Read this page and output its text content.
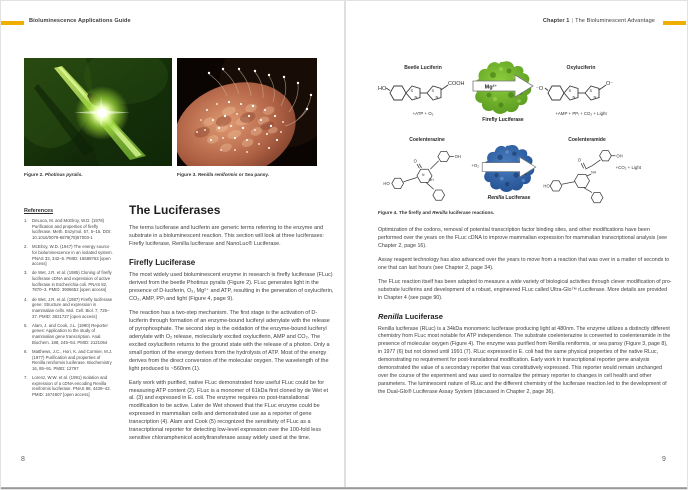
Bioluminescence Applications Guide
Figure 2. Photinus pyralis.	Figure 3. Renilla reniformis or Sea pansy.
References
1.	DeLuca, M. and McElroy, W.D. (1978) Purification and properties of firefly luciferase. Meth. Enzymol. 57, 5–15. DOI: 10.1016/0076-6879(78)57003-1
2.	McElroy, W.D. (1947) The energy source for bioluminescence in an isolated system. PNAS 33, 342–5. PMID: 16588763 [open access]
3.	de Wet, J.R. et al. (1985) Cloning of firefly luciferase cDNA and expression of active luciferase in Escherichia coli. PNAS 82, 7870–3. PMID: 3906652 [open access]
4.	de Wet, J.R. et al. (1987) Firefly luciferase gene: Structure and expression in mammalian cells. Mol. Cell. Biol. 7, 725–37. PMID: 3821727 [open access]
5.	Alam, J. and Cook, J.L. (1990) Reporter genes: Application to the study of mammalian gene transcription. Anal. Biochem. 188, 245–54. PMID: 2121064
6.	Matthews, J.C., Hori, K. and Cormier, M.J. (1977) Purification and properties of Renilla reniformis luciferase. Biochemistry 16, 85–91. PMID: 12797
7.	Lorenz, W.W. et al. (1991) Isolation and expression of a cDNA encoding Renilla reniformis luciferase. PNAS 88, 4438–42. PMID: 1674607 [open access]
The Luciferases

The terms luciferase and luciferin are generic terms referring to the enzyme and substrate in a bioluminescent reaction. This section will look at three luciferases: Firefly luciferase, Renilla luciferase and NanoLuc® Luciferase.

Firefly Luciferase

The most widely used bioluminescent enzyme in research is firefly luciferase (FLuc) derived from the beetle Photinus pyralis (Figure 2). FLuc generates light in the presence of D-luciferin, O₂, Mg²⁺ and ATP, resulting in the generation of oxyluciferin, CO₂, AMP, PPᵢ and light (Figure 4, page 9).

The reaction has a two-step mechanism. The first stage is the activation of D-luciferin through formation of an enzyme-bound luciferyl adenylate with the release of pyrophosphate. The second step is the oxidation of the enzyme-bound luciferyl adenylate with O₂ release, molecularly excited oxyluciferin, AMP and CO₂. The excited oxyluciferin returns to the ground state with the release of a photon. Only a small portion of the energy derives from the hydrolysis of ATP. Most of the energy derives from the direct conversion of the molecular oxygen. The wavelength of the light produced is ~560nm (1).

Early work with purified, native FLuc demonstrated how useful FLuc could be for measuring ATP content (2). FLuc is a monomer of 61kDa first cloned by de Wet et al. (3) and expressed in E. coli. The enzyme requires no post-translational modification to be active. Later de Wet showed that the FLuc enzyme could be expressed in mammalian cells and demonstrated use as a reporter of gene transcription (4). Alam and Cook (5) recognized the sensitivity of FLuc as a transcriptional reporter for detecting low-level expression over the 100-fold less sensitive chloramphenicol acetyltransferase assay widely used at the time.

8
Chapter 1 | The Bioluminescent Advantage
Beetle Luciferin
HO	S
N
S
N
COOH
+ATP + O₂
Mg²⁺
Firefly Luciferase
Oxyluciferin
⁻O	S
N
S
N
O⁻
+AMP + PPᵢ + CO₂ + Light
Coelenterazine
+O₂
OH
O
N
NH
HO
Renilla Luciferase
Coelenteramide
+CO₂ + Light
OH
O
NH
HO
Figure 4. The firefly and Renilla luciferase reactions.

Optimization of the codons, removal of potential transcription factor binding sites, and other modifications have been performed over the years on the FLuc cDNA to improve mammalian expression for mammalian transcriptional analysis (see Chapter 2, page 16).

Assay reagent technology has also advanced over the years to move from a reaction that was over in a matter of seconds to one that can last hours (see Chapter 2, page 34).

The FLuc reaction itself has been adapted to measure a wide variety of biological activities through clever modification of pro-substrate luciferins and development of a robust, engineered FLuc called Ultra-Glo™ rLuciferase. More details are provided in Chapter 4 (see page 90).

Renilla Luciferase

Renilla luciferase (RLuc) is a 34kDa monomeric luciferase producing light at 480nm. The enzyme utilizes a distinctly different chemistry from FLuc most notable for ATP independence. The substrate coelenterazine is converted to coelenteramide in the presence of molecular oxygen (Figure 4). The enzyme was purified from Renilla reniformis, or sea pansy (Figure 3, page 8), in 1977 (6) but not cloned until 1991 (7). RLuc expressed in E. coli had the same physical properties of the native RLuc, demonstrating no requirement for post-translational modification. Early work in transcriptional reporter gene analysis demonstrated the value of a secondary reporter that was constitutively expressed. This reporter would remain unchanged over the course of the experiment and was used to normalize the primary reporter to changes in cell health and other parameters. The luminescent nature of RLuc and the different chemistry of the luciferase reaction led to the development of the Dual-Glo® Luciferase Assay System (discussed in Chapter 2, page 36).

9
